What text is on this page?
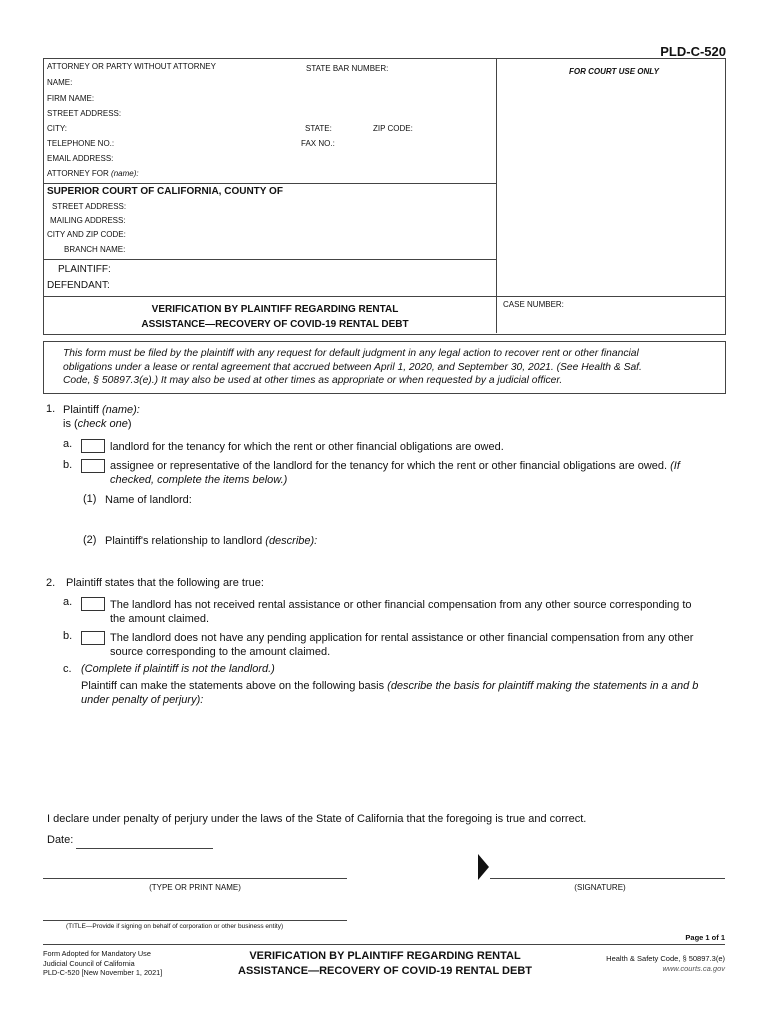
PLD-C-520
ATTORNEY OR PARTY WITHOUT ATTORNEY	STATE BAR NUMBER:	FOR COURT USE ONLY
NAME:
FIRM NAME:
STREET ADDRESS:
CITY:	STATE:	ZIP CODE:
TELEPHONE NO.:	FAX NO.:
EMAIL ADDRESS:
ATTORNEY FOR (name):
SUPERIOR COURT OF CALIFORNIA, COUNTY OF
STREET ADDRESS:
MAILING ADDRESS:
CITY AND ZIP CODE:
BRANCH NAME:
PLAINTIFF:
DEFENDANT:
VERIFICATION BY PLAINTIFF REGARDING RENTAL
ASSISTANCE—RECOVERY OF COVID-19 RENTAL DEBT
CASE NUMBER:
This form must be filed by the plaintiff with any request for default judgment in any legal action to recover rent or other financial
obligations under a lease or rental agreement that accrued between April 1, 2020, and September 30, 2021. (See Health & Saf.
Code, § 50897.3(e).) It may also be used at other times as appropriate or when requested by a judicial officer.
1. Plaintiff (name):
is (check one)
a.	landlord for the tenancy for which the rent or other financial obligations are owed.
b.	assignee or representative of the landlord for the tenancy for which the rent or other financial obligations are owed. (If
checked, complete the items below.)
(1) Name of landlord:
(2) Plaintiff's relationship to landlord (describe):
2. Plaintiff states that the following are true:
a.	The landlord has not received rental assistance or other financial compensation from any other source corresponding to
the amount claimed.
b.	The landlord does not have any pending application for rental assistance or other financial compensation from any other
source corresponding to the amount claimed.
c. (Complete if plaintiff is not the landlord.)
Plaintiff can make the statements above on the following basis (describe the basis for plaintiff making the statements in a and b
under penalty of perjury):
I declare under penalty of perjury under the laws of the State of California that the foregoing is true and correct.
Date:
(TYPE OR PRINT NAME)	(SIGNATURE)
(TITLE—Provide if signing on behalf of corporation or other business entity)
Page 1 of 1
Form Adopted for Mandatory Use
Judicial Council of California
PLD-C-520 [New November 1, 2021]
VERIFICATION BY PLAINTIFF REGARDING RENTAL
ASSISTANCE—RECOVERY OF COVID-19 RENTAL DEBT
Health & Safety Code, § 50897.3(e)
www.courts.ca.gov
